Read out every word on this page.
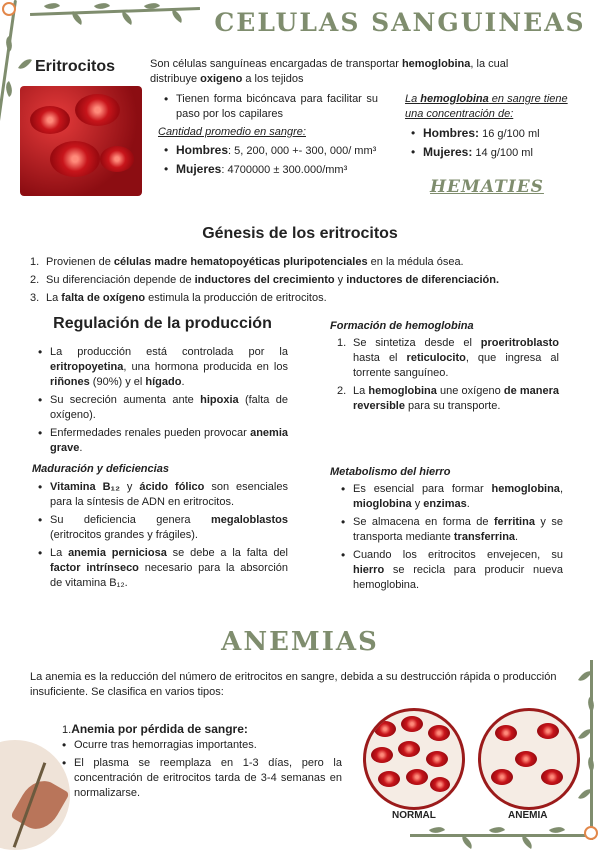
CELULAS SANGUINEAS
Eritrocitos	Son células sanguíneas encargadas de transportar hemoglobina, la cual distribuye oxigeno a los tejidos
• Tienen forma bicóncava para facilitar su paso por los capilares
Cantidad promedio en sangre:
• Hombres: 5, 200, 000 +- 300, 000/ mm³
• Mujeres: 4700000 ± 300.000/mm³
La hemoglobina en sangre tiene una concentración de:
• Hombres: 16 g/100 ml
• Mujeres: 14 g/100 ml
HEMATIES
Génesis de los eritrocitos
1. Provienen de células madre hematopoyéticas pluripotenciales en la médula ósea.
2. Su diferenciación depende de inductores del crecimiento y inductores de diferenciación.
3. La falta de oxígeno estimula la producción de eritrocitos.
Regulación de la producción
• La producción está controlada por la eritropoyetina, una hormona producida en los riñones (90%) y el hígado.
• Su secreción aumenta ante hipoxia (falta de oxígeno).
• Enfermedades renales pueden provocar anemia grave.
Maduración y deficiencias
• Vitamina B₁₂ y ácido fólico son esenciales para la síntesis de ADN en eritrocitos.
• Su deficiencia genera megaloblastos (eritrocitos grandes y frágiles).
• La anemia perniciosa se debe a la falta del factor intrínseco necesario para la absorción de vitamina B₁₂.
Formación de hemoglobina
1. Se sintetiza desde el proeritroblasto hasta el reticulocito, que ingresa al torrente sanguíneo.
2. La hemoglobina une oxígeno de manera reversible para su transporte.
Metabolismo del hierro
• Es esencial para formar hemoglobina, mioglobina y enzimas.
• Se almacena en forma de ferritina y se transporta mediante transferrina.
• Cuando los eritrocitos envejecen, su hierro se recicla para producir nueva hemoglobina.
ANEMIAS
La anemia es la reducción del número de eritrocitos en sangre, debida a su destrucción rápida o producción insuficiente. Se clasifica en varios tipos:
1.Anemia por pérdida de sangre:
• Ocurre tras hemorragias importantes.
• El plasma se reemplaza en 1-3 días, pero la concentración de eritrocitos tarda de 3-4 semanas en normalizarse.
NORMAL	ANEMIA
